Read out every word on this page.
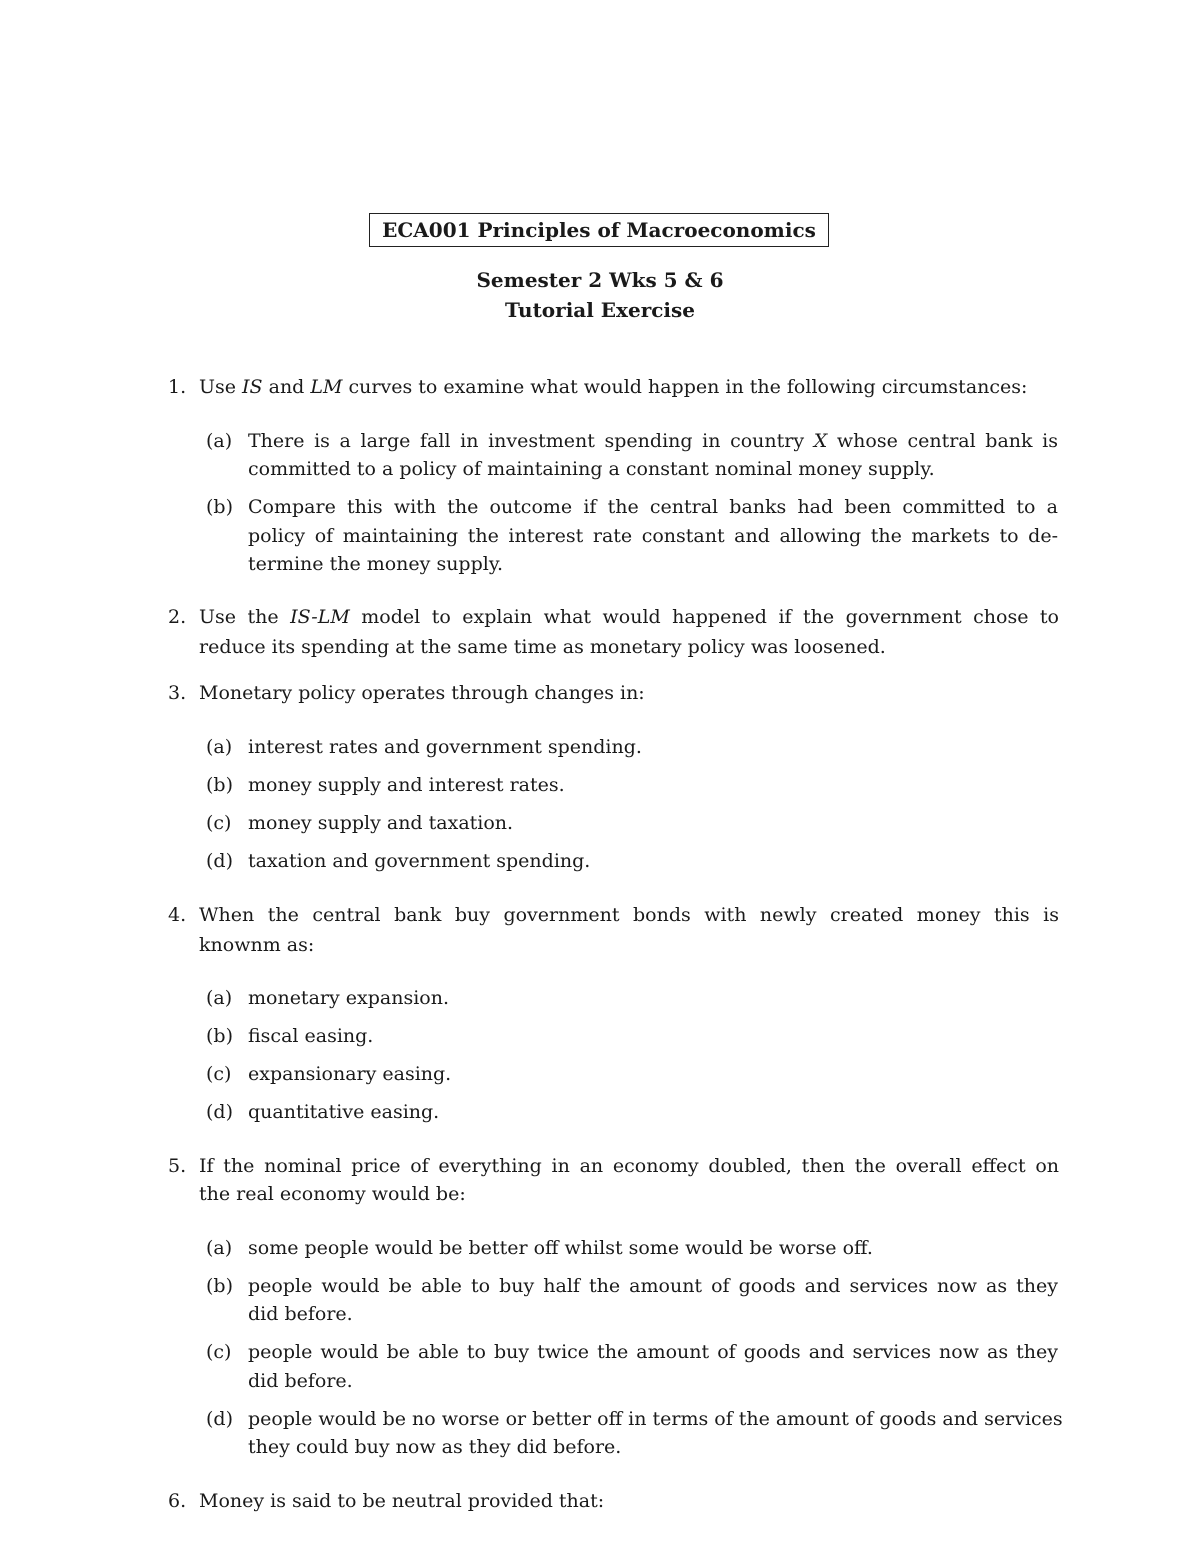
ECA001 Principles of Macroeconomics
Semester 2 Wks 5 & 6
Tutorial Exercise
1. Use IS and LM curves to examine what would happen in the following circumstances:
(a) There is a large fall in investment spending in country X whose central bank is
committed to a policy of maintaining a constant nominal money supply.
(b) Compare this with the outcome if the central banks had been committed to a
policy of maintaining the interest rate constant and allowing the markets to de-
termine the money supply.
2. Use the IS-LM model to explain what would happened if the government chose to
reduce its spending at the same time as monetary policy was loosened.
3. Monetary policy operates through changes in:
(a) interest rates and government spending.
(b) money supply and interest rates.
(c) money supply and taxation.
(d) taxation and government spending.
4. When the central bank buy government bonds with newly created money this is
knownm as:
(a) monetary expansion.
(b) fiscal easing.
(c) expansionary easing.
(d) quantitative easing.
5. If the nominal price of everything in an economy doubled, then the overall effect on
the real economy would be:
(a) some people would be better off whilst some would be worse off.
(b) people would be able to buy half the amount of goods and services now as they
did before.
(c) people would be able to buy twice the amount of goods and services now as they
did before.
(d) people would be no worse or better off in terms of the amount of goods and services
they could buy now as they did before.
6. Money is said to be neutral provided that:
